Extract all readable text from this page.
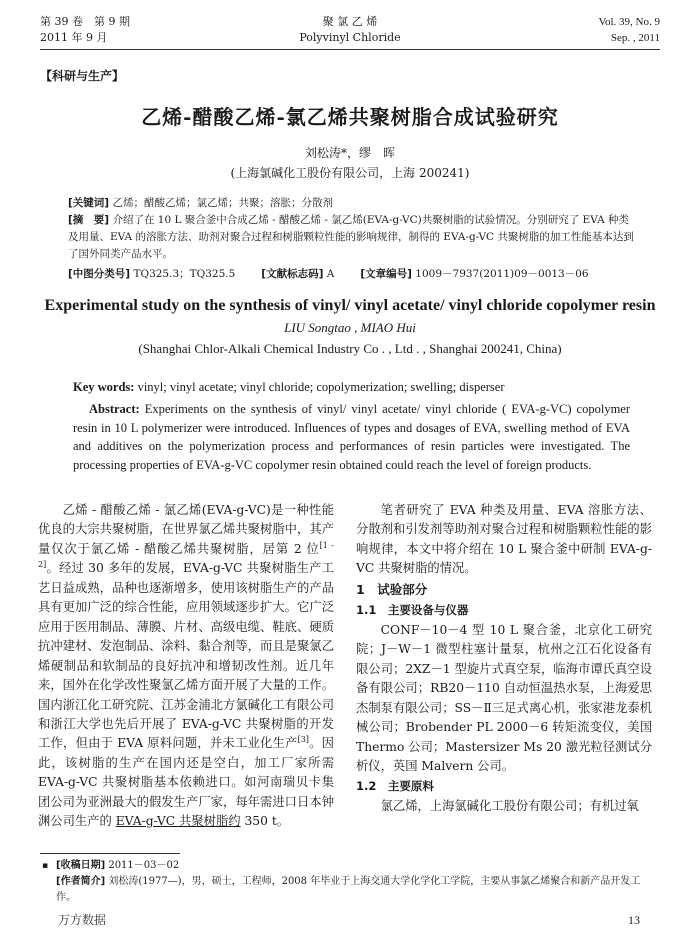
第 39 卷　第 9 期
2011 年 9 月
聚 氯 乙 烯
Polyvinyl Chloride
Vol. 39, No. 9
Sep. , 2011
【科研与生产】
乙烯-醋酸乙烯-氯乙烯共聚树脂合成试验研究
刘松涛*，缪　晖
(上海氯碱化工股份有限公司，上海 200241)
[关键词] 乙烯；醋酸乙烯；氯乙烯；共聚；溶胀；分散剂
[摘　要] 介绍了在 10 L 聚合釜中合成乙烯 - 醋酸乙烯 - 氯乙烯(EVA-g-VC)共聚树脂的试验情况。分别研究了 EVA 种类及用量、EVA 的溶胀方法、助剂对聚合过程和树脂颗粒性能的影响规律，制得的 EVA-g-VC 共聚树脂的加工性能基本达到了国外同类产品水平。
[中图分类号] TQ325.3；TQ325.5 [文献标志码] A [文章编号] 1009－7937(2011)09－0013－06
Experimental study on the synthesis of vinyl/ vinyl acetate/ vinyl chloride copolymer resin
LIU Songtao , MIAO Hui
(Shanghai Chlor-Alkali Chemical Industry Co . , Ltd . , Shanghai 200241, China)
Key words: vinyl; vinyl acetate; vinyl chloride; copolymerization; swelling; disperser
Abstract: Experiments on the synthesis of vinyl/ vinyl acetate/ vinyl chloride ( EVA-g-VC) copolymer resin in 10 L polymerizer were introduced. Influences of types and dosages of EVA, swelling method of EVA and additives on the polymerization process and performances of resin particles were investigated. The processing properties of EVA-g-VC copolymer resin obtained could reach the level of foreign products.

乙烯 - 醋酸乙烯 - 氯乙烯(EVA-g-VC)是一种性能优良的大宗共聚树脂，在世界氯乙烯共聚树脂中，其产量仅次于氯乙烯 - 醋酸乙烯共聚树脂，居第 2 位[1 - 2]。经过 30 多年的发展，EVA-g-VC 共聚树脂生产工艺日益成熟，品种也逐渐增多，使用该树脂生产的产品具有更加广泛的综合性能，应用领域逐步扩大。它广泛应用于医用制品、薄膜、片材、高级电缆、鞋底、硬质抗冲建材、发泡制品、涂料、黏合剂等，而且是聚氯乙烯硬制品和软制品的良好抗冲和增韧改性剂。近几年来，国外在化学改性聚氯乙烯方面开展了大量的工作。国内浙江化工研究院、江苏金浦北方氯碱化工有限公司和浙江大学也先后开展了 EVA-g-VC 共聚树脂的开发工作，但由于 EVA 原料问题，并未工业化生产[3]。因此，该树脂的生产在国内还是空白，加工厂家所需 EVA-g-VC 共聚树脂基本依赖进口。如河南瑞贝卡集团公司为亚洲最大的假发生产厂家，每年需进口日本钟渊公司生产的 EVA-g-VC 共聚树脂约 350 t。

笔者研究了 EVA 种类及用量、EVA 溶胀方法、分散剂和引发剂等助剂对聚合过程和树脂颗粒性能的影响规律，本文中将介绍在 10 L 聚合釜中研制 EVA-g-VC 共聚树脂的情况。

1　试验部分
1.1　主要设备与仪器

CONF－10－4 型 10 L 聚合釜，北京化工研究院；J－W－1 微型柱塞计量泵，杭州之江石化设备有限公司；2XZ－1 型旋片式真空泵，临海市谭氏真空设备有限公司；RB20－110 自动恒温热水泵，上海爱思杰制泵有限公司；SS－Ⅱ三足式离心机，张家港龙泰机械公司；Brobender PL 2000－6 转矩流变仪，美国 Thermo 公司；Mastersizer Ms 20 激光粒径测试分析仪，英国 Malvern 公司。

1.2　主要原料

氯乙烯，上海氯碱化工股份有限公司；有机过氧

▪ [收稿日期] 2011－03－02
[作者简介] 刘松涛(1977—)，男，硕士，工程师，2008 年毕业于上海交通大学化学化工学院，主要从事氯乙烯聚合和新产品开发工作。
万方数据	13
